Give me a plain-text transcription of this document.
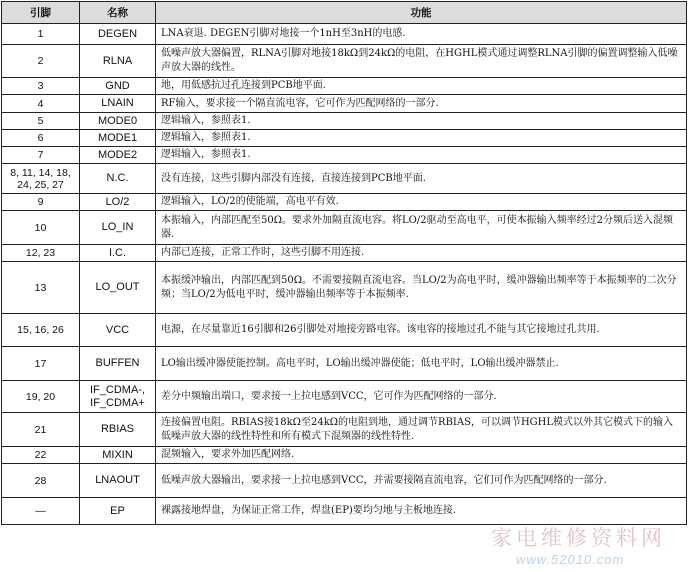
引脚	名称	功能
1	DEGEN	LNA衰退. DEGEN引脚对地接一个1nH至3nH的电感.
2	RLNA	低噪声放大器偏置，RLNA引脚对地接18kΩ到24kΩ的电阻，在HGHL模式通过调整RLNA引脚的偏置调整输入低噪声放大器的线性。
3	GND	地，用低感抗过孔连接到PCB地平面.
4	LNAIN	RF输入，要求接一个隔直流电容，它可作为匹配网络的一部分.
5	MODE0	逻辑输入，参照表1.
6	MODE1	逻辑输入，参照表1.
7	MODE2	逻辑输入，参照表1.
8, 11, 14, 18, 24, 25, 27	N.C.	没有连接，这些引脚内部没有连接，直接连接到PCB地平面.
9	LO/2	逻辑输入，LO/2的使能端，高电平有效.
10	LO_IN	本振输入，内部匹配至50Ω。要求外加隔直流电容。将LO/2驱动至高电平，可使本振输入频率经过2分频后送入混频器.
12, 23	I.C.	内部已连接，正常工作时，这些引脚不用连接.
13	LO_OUT	本振缓冲输出，内部匹配到50Ω。不需要接隔直流电容。当LO/2为高电平时，缓冲器输出频率等于本振频率的二次分频；当LO/2为低电平时，缓冲器输出频率等于本振频率.
15, 16, 26	VCC	电源，在尽量靠近16引脚和26引脚处对地接旁路电容。该电容的接地过孔不能与其它接地过孔共用.
17	BUFFEN	LO输出缓冲器使能控制。高电平时，LO输出缓冲器使能；低电平时，LO输出缓冲器禁止.
19, 20	IF_CDMA-, IF_CDMA+	差分中频输出端口，要求接一上拉电感到VCC，它可作为匹配网络的一部分.
21	RBIAS	连接偏置电阻。RBIAS接18kΩ至24kΩ的电阻到地，通过调节RBIAS，可以调节HGHL模式以外其它模式下的输入低噪声放大器的线性特性和所有模式下混频器的线性特性.
22	MIXIN	混频输入，要求外加匹配网络.
28	LNAOUT	低噪声放大器输出，要求接一上拉电感到VCC，并需要接隔直流电容，它们可作为匹配网络的一部分.
—	EP	裸露接地焊盘，为保证正常工作，焊盘(EP)要均匀地与主板地连接.
家电维修资料网
www.52010.com
